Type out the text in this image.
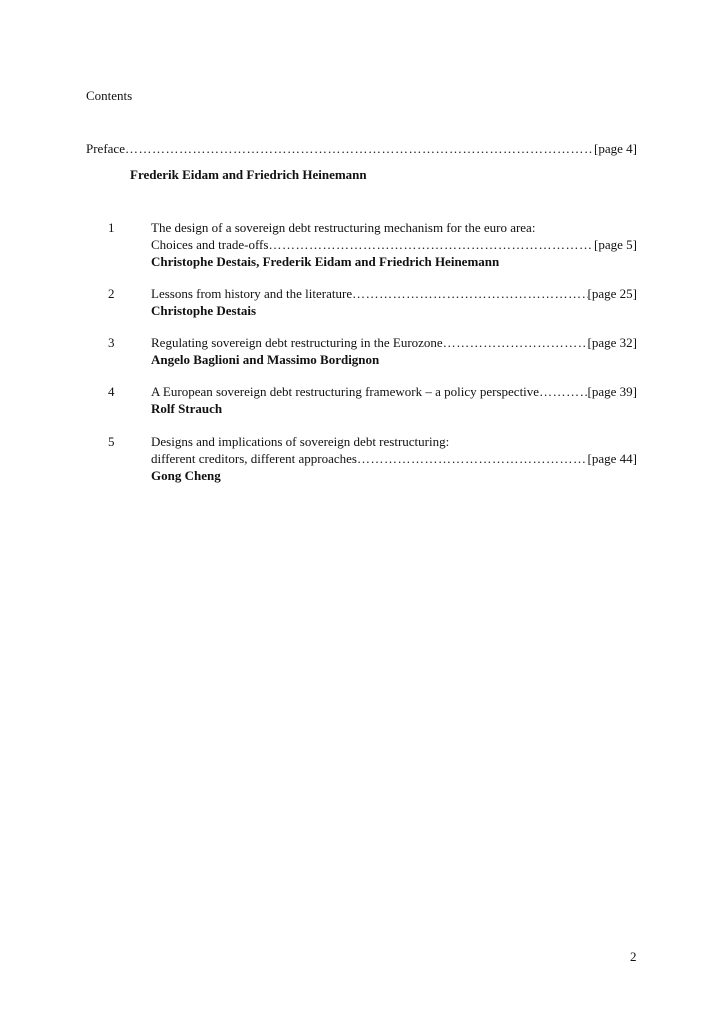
Contents
Preface …………………………………………………………………………………………………………………………………………………………………………………	[page 4]
Frederik Eidam and Friedrich Heinemann
1	The design of a sovereign debt restructuring mechanism for the euro area:
Choices and trade-offs …………………………………………………………………………………………………………………………………………………………………………………	[page 5]
Christophe Destais, Frederik Eidam and Friedrich Heinemann
2	Lessons from history and the literature …………………………………………………………………………………………………………………………………………………………………………………	[page 25]
Christophe Destais
3	Regulating sovereign debt restructuring in the Eurozone …………………………………………………………………………………………………………………………………………………………………………………	[page 32]
Angelo Baglioni and Massimo Bordignon
4	A European sovereign debt restructuring framework – a policy perspective …………………………………………………………………………………………………………………………………………………………………………………	[page 39]
Rolf Strauch
5	Designs and implications of sovereign debt restructuring:
different creditors, different approaches …………………………………………………………………………………………………………………………………………………………………………………	[page 44]
Gong Cheng
2
